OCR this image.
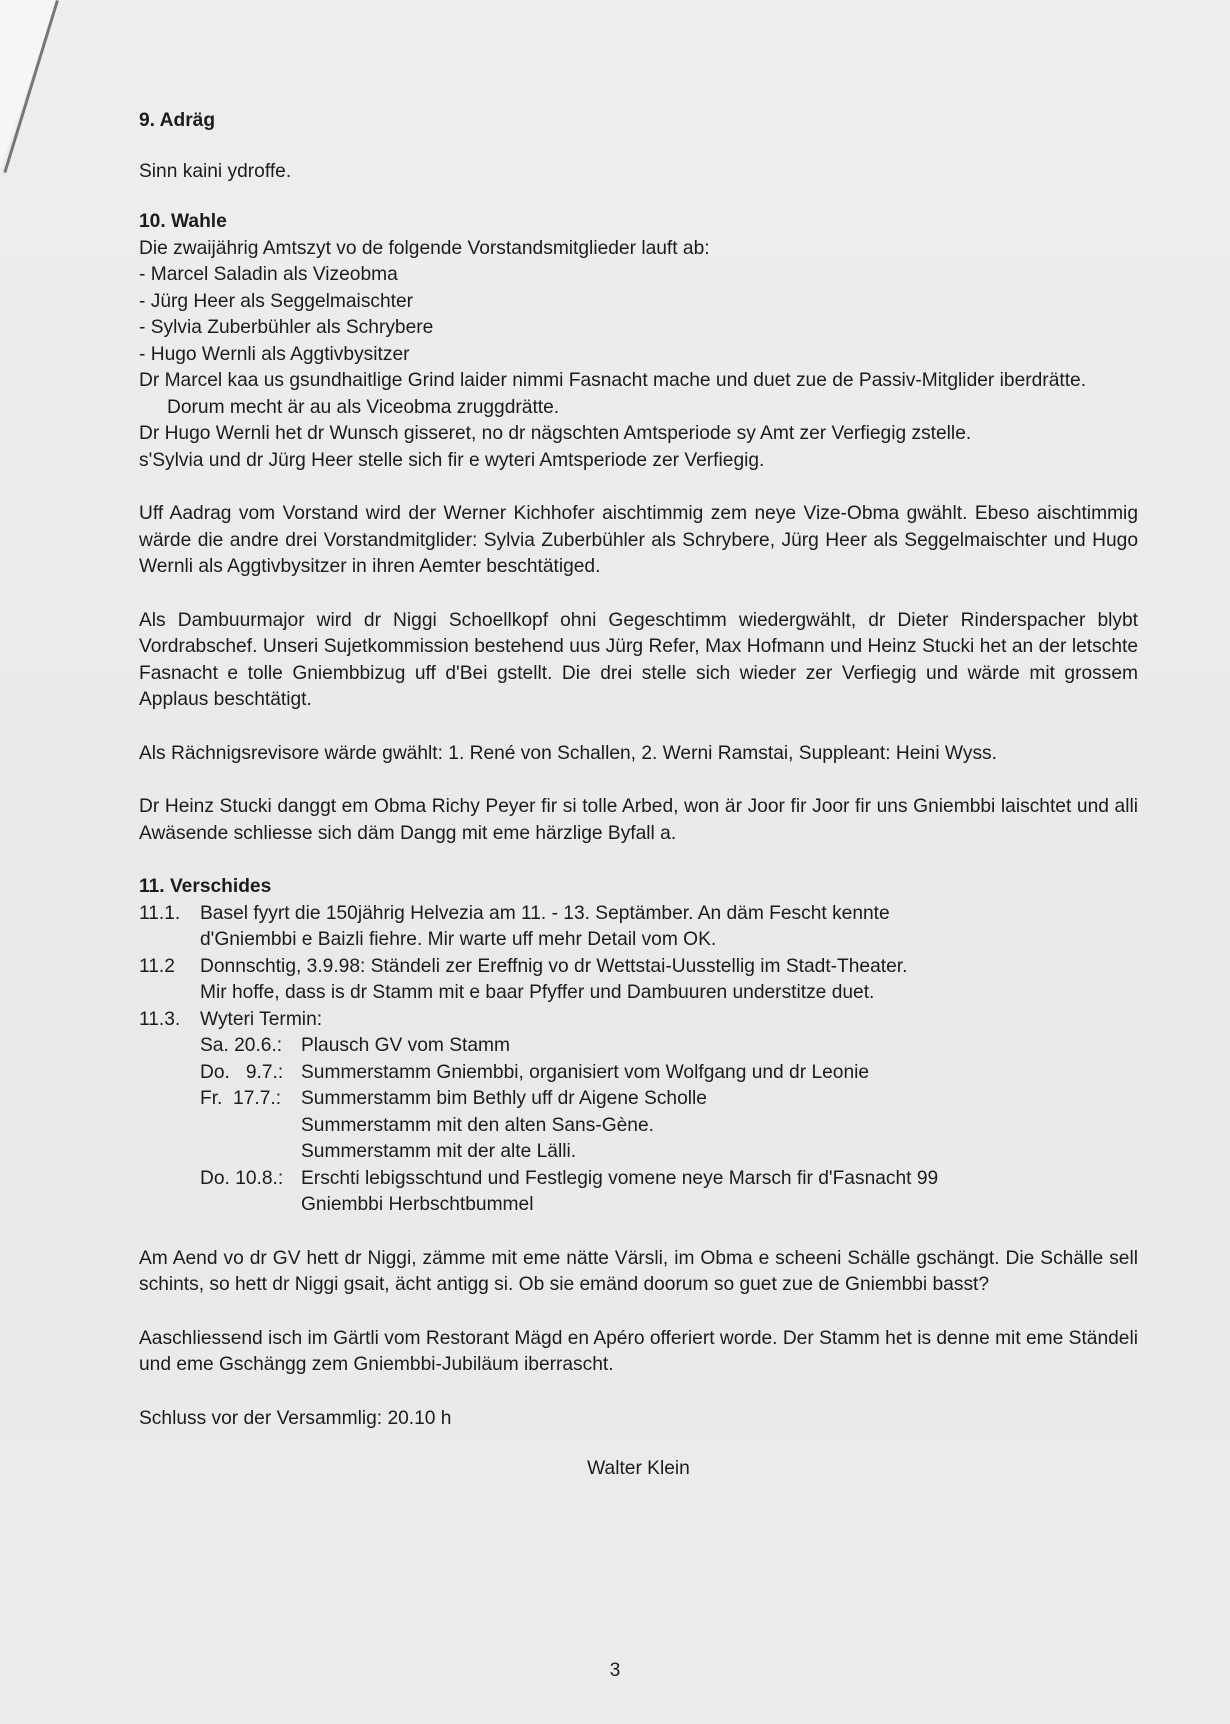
9. Adräg

Sinn kaini ydroffe.

10. Wahle

Die zwaijährig Amtszyt vo de folgende Vorstandsmitglieder lauft ab:

- Marcel Saladin als Vizeobma

- Jürg Heer als Seggelmaischter

- Sylvia Zuberbühler als Schrybere

- Hugo Wernli als Aggtivbysitzer

Dr Marcel kaa us gsundhaitlige Grind laider nimmi Fasnacht mache und duet zue de Passiv-Mitglider iberdrätte. Dorum mecht är au als Viceobma zruggdrätte.

Dr Hugo Wernli het dr Wunsch gisseret, no dr nägschten Amtsperiode sy Amt zer Verfiegig zstelle.

s'Sylvia und dr Jürg Heer stelle sich fir e wyteri Amtsperiode zer Verfiegig.

Uff Aadrag vom Vorstand wird der Werner Kichhofer aischtimmig zem neye Vize-Obma gwählt. Ebeso aischtimmig wärde die andre drei Vorstandmitglider: Sylvia Zuberbühler als Schrybere, Jürg Heer als Seggelmaischter und Hugo Wernli als Aggtivbysitzer in ihren Aemter beschtätiged.

Als Dambuurmajor wird dr Niggi Schoellkopf ohni Gegeschtimm wiedergwählt, dr Dieter Rinderspacher blybt Vordrabschef. Unseri Sujetkommission bestehend uus Jürg Refer, Max Hofmann und Heinz Stucki het an der letschte Fasnacht e tolle Gniembbizug uff d'Bei gstellt. Die drei stelle sich wieder zer Verfiegig und wärde mit grossem Applaus beschtätigt.

Als Rächnigsrevisore wärde gwählt: 1. René von Schallen, 2. Werni Ramstai, Suppleant: Heini Wyss.

Dr Heinz Stucki danggt em Obma Richy Peyer fir si tolle Arbed, won är Joor fir Joor fir uns Gniembbi laischtet und alli Awäsende schliesse sich däm Dangg mit eme härzlige Byfall a.

11. Verschides

11.1.	Basel fyyrt die 150jährig Helvezia am 11. - 13. Septämber. An däm Fescht kennte

d'Gniembbi e Baizli fiehre. Mir warte uff mehr Detail vom OK.

11.2	Donnschtig, 3.9.98: Ständeli zer Ereffnig vo dr Wettstai-Uusstellig im Stadt-Theater.

Mir hoffe, dass is dr Stamm mit e baar Pfyffer und Dambuuren understitze duet.

11.3.	Wyteri Termin:
Sa. 20.6.: Plausch GV vom Stamm
Do.   9.7.: Summerstamm Gniembbi, organisiert vom Wolfgang und dr Leonie
Fr.  17.7.:	Summerstamm bim Bethly uff dr Aigene Scholle

Summerstamm mit den alten Sans-Gène.

Summerstamm mit der alte Lälli.

Do. 10.8.: Erschti lebigsschtund und Festlegig vomene neye Marsch fir d'Fasnacht 99

Gniembbi Herbschtbummel

Am Aend vo dr GV hett dr Niggi, zämme mit eme nätte Värsli, im Obma e scheeni Schälle gschängt. Die Schälle sell schints, so hett dr Niggi gsait, ächt antigg si. Ob sie emänd doorum so guet zue de Gniembbi basst?

Aaschliessend isch im Gärtli vom Restorant Mägd en Apéro offeriert worde. Der Stamm het is denne mit eme Ständeli und eme Gschängg zem Gniembbi-Jubiläum iberrascht.

Schluss vor der Versammlig: 20.10 h

Walter Klein

3
